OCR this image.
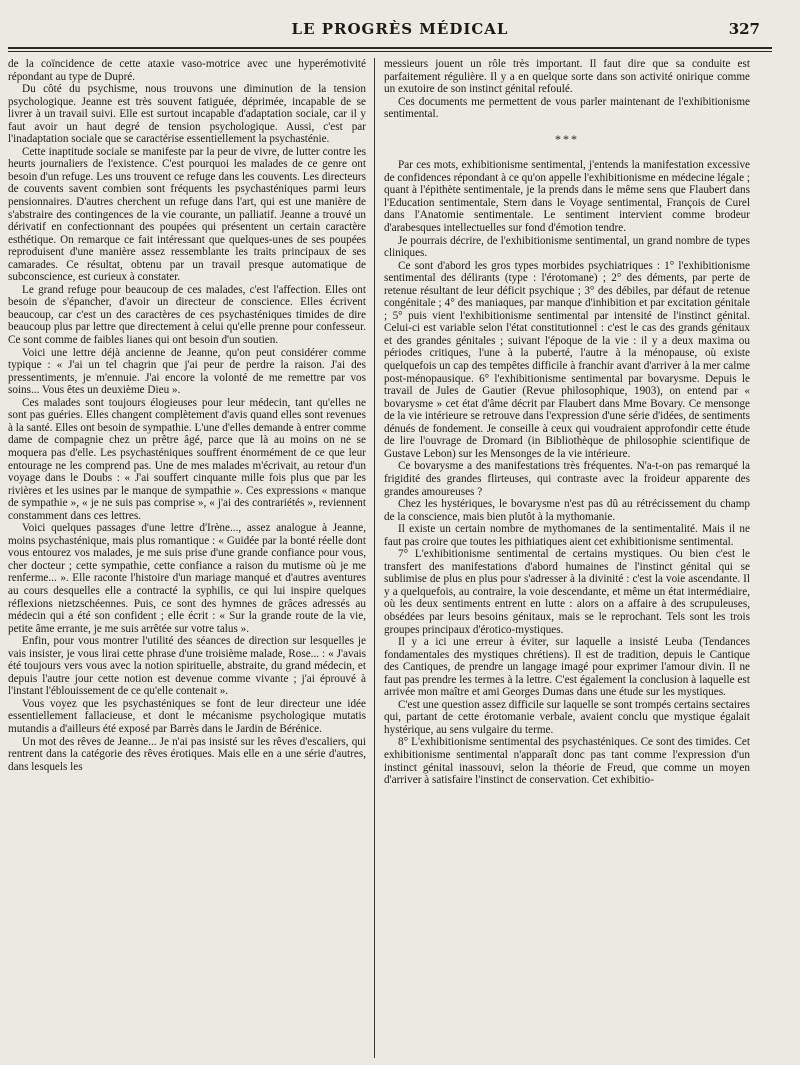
LE PROGRÈS MÉDICAL	327

de la coïncidence de cette ataxie vaso-motrice avec une hyperémotivité répondant au type de Dupré.

Du côté du psychisme, nous trouvons une diminution de la tension psychologique. Jeanne est très souvent fatiguée, déprimée, incapable de se livrer à un travail suivi. Elle est surtout incapable d'adaptation sociale, car il y faut avoir un haut degré de tension psychologique. Aussi, c'est par l'inadaptation sociale que se caractérise essentiellement la psychasténie.

Cette inaptitude sociale se manifeste par la peur de vivre, de lutter contre les heurts journaliers de l'existence. C'est pourquoi les malades de ce genre ont besoin d'un refuge. Les uns trouvent ce refuge dans les couvents. Les directeurs de couvents savent combien sont fréquents les psychasténiques parmi leurs pensionnaires. D'autres cherchent un refuge dans l'art, qui est une manière de s'abstraire des contingences de la vie courante, un palliatif. Jeanne a trouvé un dérivatif en confectionnant des poupées qui présentent un certain caractère esthétique. On remarque ce fait intéressant que quelques-unes de ses poupées reproduisent d'une manière assez ressemblante les traits principaux de ses camarades. Ce résultat, obtenu par un travail presque automatique de subconscience, est curieux à constater.

Le grand refuge pour beaucoup de ces malades, c'est l'affection. Elles ont besoin de s'épancher, d'avoir un directeur de conscience. Elles écrivent beaucoup, car c'est un des caractères de ces psychasténiques timides de dire beaucoup plus par lettre que directement à celui qu'elle prenne pour confesseur. Ce sont comme de faibles lianes qui ont besoin d'un soutien.

Voici une lettre déjà ancienne de Jeanne, qu'on peut considérer comme typique : « J'ai un tel chagrin que j'ai peur de perdre la raison. J'ai des pressentiments, je m'ennuie. J'ai encore la volonté de me remettre par vos soins... Vous êtes un deuxième Dieu ».

Ces malades sont toujours élogieuses pour leur médecin, tant qu'elles ne sont pas guéries. Elles changent complètement d'avis quand elles sont revenues à la santé. Elles ont besoin de sympathie. L'une d'elles demande à entrer comme dame de compagnie chez un prêtre âgé, parce que là au moins on ne se moquera pas d'elle. Les psychasténiques souffrent énormément de ce que leur entourage ne les comprend pas. Une de mes malades m'écrivait, au retour d'un voyage dans le Doubs : « J'ai souffert cinquante mille fois plus que par les rivières et les usines par le manque de sympathie ». Ces expressions « manque de sympathie », « je ne suis pas comprise », « j'ai des contrariétés », reviennent constamment dans ces lettres.

Voici quelques passages d'une lettre d'Irène..., assez analogue à Jeanne, moins psychasténique, mais plus romantique : « Guidée par la bonté réelle dont vous entourez vos malades, je me suis prise d'une grande confiance pour vous, cher docteur ; cette sympathie, cette confiance a raison du mutisme où je me renferme... ». Elle raconte l'histoire d'un mariage manqué et d'autres aventures au cours desquelles elle a contracté la syphilis, ce qui lui inspire quelques réflexions nietzschéennes. Puis, ce sont des hymnes de grâces adressés au médecin qui a été son confident ; elle écrit : « Sur la grande route de la vie, petite âme errante, je me suis arrêtée sur votre talus ».

Enfin, pour vous montrer l'utilité des séances de direction sur lesquelles je vais insister, je vous lirai cette phrase d'une troisième malade, Rose... : « J'avais été toujours vers vous avec la notion spirituelle, abstraite, du grand médecin, et depuis l'autre jour cette notion est devenue comme vivante ; j'ai éprouvé à l'instant l'éblouissement de ce qu'elle contenait ».

Vous voyez que les psychasténiques se font de leur directeur une idée essentiellement fallacieuse, et dont le mécanisme psychologique mutatis mutandis a d'ailleurs été exposé par Barrès dans le Jardin de Bérénice.

Un mot des rêves de Jeanne... Je n'ai pas insisté sur les rêves d'escaliers, qui rentrent dans la catégorie des rêves érotiques. Mais elle en a une série d'autres, dans lesquels les

messieurs jouent un rôle très important. Il faut dire que sa conduite est parfaitement régulière. Il y a en quelque sorte dans son activité onirique comme un exutoire de son instinct génital refoulé.

Ces documents me permettent de vous parler maintenant de l'exhibitionisme sentimental.

***

Par ces mots, exhibitionisme sentimental, j'entends la manifestation excessive de confidences répondant à ce qu'on appelle l'exhibitionisme en médecine légale ; quant à l'épithète sentimentale, je la prends dans le même sens que Flaubert dans l'Education sentimentale, Stern dans le Voyage sentimental, François de Curel dans l'Anatomie sentimentale. Le sentiment intervient comme brodeur d'arabesques intellectuelles sur fond d'émotion tendre.

Je pourrais décrire, de l'exhibitionisme sentimental, un grand nombre de types cliniques.

Ce sont d'abord les gros types morbides psychiatriques : 1° l'exhibitionisme sentimental des délirants (type : l'érotomane) ; 2° des déments, par perte de retenue résultant de leur déficit psychique ; 3° des débiles, par défaut de retenue congénitale ; 4° des maniaques, par manque d'inhibition et par excitation génitale ; 5° puis vient l'exhibitionisme sentimental par intensité de l'instinct génital. Celui-ci est variable selon l'état constitutionnel : c'est le cas des grands génitaux et des grandes génitales ; suivant l'époque de la vie : il y a deux maxima ou périodes critiques, l'une à la puberté, l'autre à la ménopause, où existe quelquefois un cap des tempêtes difficile à franchir avant d'arriver à la mer calme post-ménopausique. 6° l'exhibitionisme sentimental par bovarysme. Depuis le travail de Jules de Gautier (Revue philosophique, 1903), on entend par « bovarysme » cet état d'âme décrit par Flaubert dans Mme Bovary. Ce mensonge de la vie intérieure se retrouve dans l'expression d'une série d'idées, de sentiments dénués de fondement. Je conseille à ceux qui voudraient approfondir cette étude de lire l'ouvrage de Dromard (in Bibliothèque de philosophie scientifique de Gustave Lebon) sur les Mensonges de la vie intérieure.

Ce bovarysme a des manifestations très fréquentes. N'a-t-on pas remarqué la frigidité des grandes flirteuses, qui contraste avec la froideur apparente des grandes amoureuses ?

Chez les hystériques, le bovarysme n'est pas dû au rétrécissement du champ de la conscience, mais bien plutôt à la mythomanie.

Il existe un certain nombre de mythomanes de la sentimentalité. Mais il ne faut pas croire que toutes les pithiatiques aient cet exhibitionisme sentimental.

7° L'exhibitionisme sentimental de certains mystiques. Ou bien c'est le transfert des manifestations d'abord humaines de l'instinct génital qui se sublimise de plus en plus pour s'adresser à la divinité : c'est la voie ascendante. Il y a quelquefois, au contraire, la voie descendante, et même un état intermédiaire, où les deux sentiments entrent en lutte : alors on a affaire à des scrupuleuses, obsédées par leurs besoins génitaux, mais se le reprochant. Tels sont les trois groupes principaux d'érotico-mystiques.

Il y a ici une erreur à éviter, sur laquelle a insisté Leuba (Tendances fondamentales des mystiques chrétiens). Il est de tradition, depuis le Cantique des Cantiques, de prendre un langage imagé pour exprimer l'amour divin. Il ne faut pas prendre les termes à la lettre. C'est également la conclusion à laquelle est arrivée mon maître et ami Georges Dumas dans une étude sur les mystiques.

C'est une question assez difficile sur laquelle se sont trompés certains sectaires qui, partant de cette érotomanie verbale, avaient conclu que mystique égalait hystérique, au sens vulgaire du terme.

8° L'exhibitionisme sentimental des psychasténiques. Ce sont des timides. Cet exhibitionisme sentimental n'apparaît donc pas tant comme l'expression d'un instinct génital inassouvi, selon la théorie de Freud, que comme un moyen d'arriver à satisfaire l'instinct de conservation. Cet exhibitio-
